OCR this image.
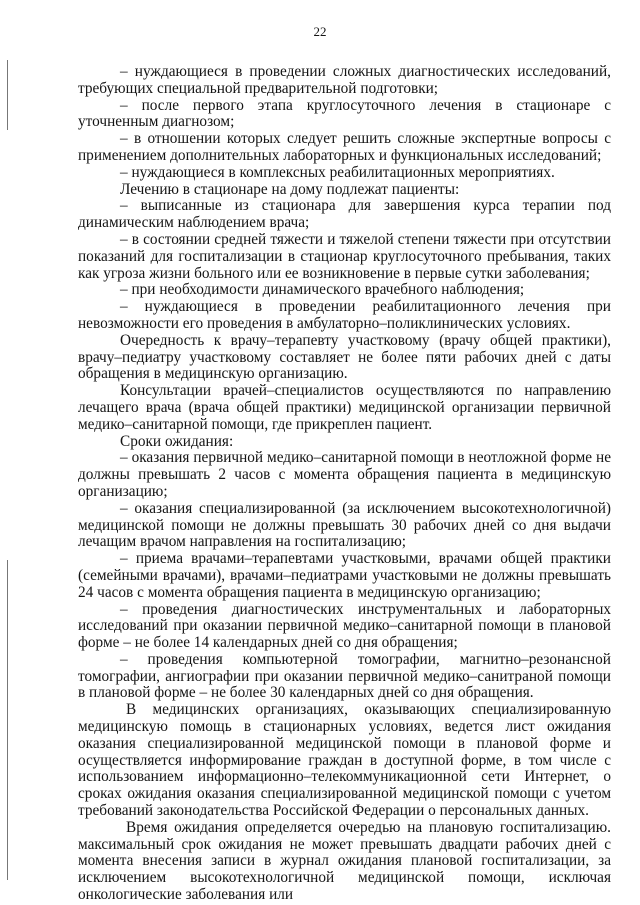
22

– нуждающиеся в проведении сложных диагностических исследований, требующих специальной предварительной подготовки;

– после первого этапа круглосуточного лечения в стационаре с уточненным диагнозом;

– в отношении которых следует решить сложные экспертные вопросы с применением дополнительных лабораторных и функциональных исследований;

– нуждающиеся в комплексных реабилитационных мероприятиях.

Лечению в стационаре на дому подлежат пациенты:

– выписанные из стационара для завершения курса терапии под динамическим наблюдением врача;

– в состоянии средней тяжести и тяжелой степени тяжести при отсутствии показаний для госпитализации в стационар круглосуточного пребывания, таких как угроза жизни больного или ее возникновение в первые сутки заболевания;

– при необходимости динамического врачебного наблюдения;

– нуждающиеся в проведении реабилитационного лечения при невозможности его проведения в амбулаторно–поликлинических условиях.

Очередность к врачу–терапевту участковому (врачу общей практики), врачу–педиатру участковому составляет не более пяти рабочих дней с даты обращения в медицинскую организацию.

Консультации врачей–специалистов осуществляются по направлению лечащего врача (врача общей практики) медицинской организации первичной медико–санитарной помощи, где прикреплен пациент.

Сроки ожидания:

– оказания первичной медико–санитарной помощи в неотложной форме не должны превышать 2 часов с момента обращения пациента в медицинскую организацию;

– оказания специализированной (за исключением высокотехнологичной) медицинской помощи не должны превышать 30 рабочих дней со дня выдачи лечащим врачом направления на госпитализацию;

– приема врачами–терапевтами участковыми, врачами общей практики (семейными врачами), врачами–педиатрами участковыми не должны превышать 24 часов с момента обращения пациента в медицинскую организацию;

– проведения диагностических инструментальных и лабораторных исследований при оказании первичной медико–санитарной помощи в плановой форме – не более 14 календарных дней со дня обращения;

– проведения компьютерной томографии, магнитно–резонансной томографии, ангиографии при оказании первичной медико–санитраной помощи в плановой форме – не более 30 календарных дней со дня обращения.

В медицинских организациях, оказывающих специализированную медицинскую помощь в стационарных условиях, ведется лист ожидания оказания специализированной медицинской помощи в плановой форме и осуществляется информирование граждан в доступной форме, в том числе с использованием информационно–телекоммуникационной сети Интернет, о сроках ожидания оказания специализированной медицинской помощи с учетом требований законодательства Российской Федерации о персональных данных.

Время ожидания определяется очередью на плановую госпитализацию. максимальный срок ожидания не может превышать двадцати рабочих дней с момента внесения записи в журнал ожидания плановой госпитализации, за исключением высокотехнологичной медицинской помощи, исключая онкологические заболевания или
